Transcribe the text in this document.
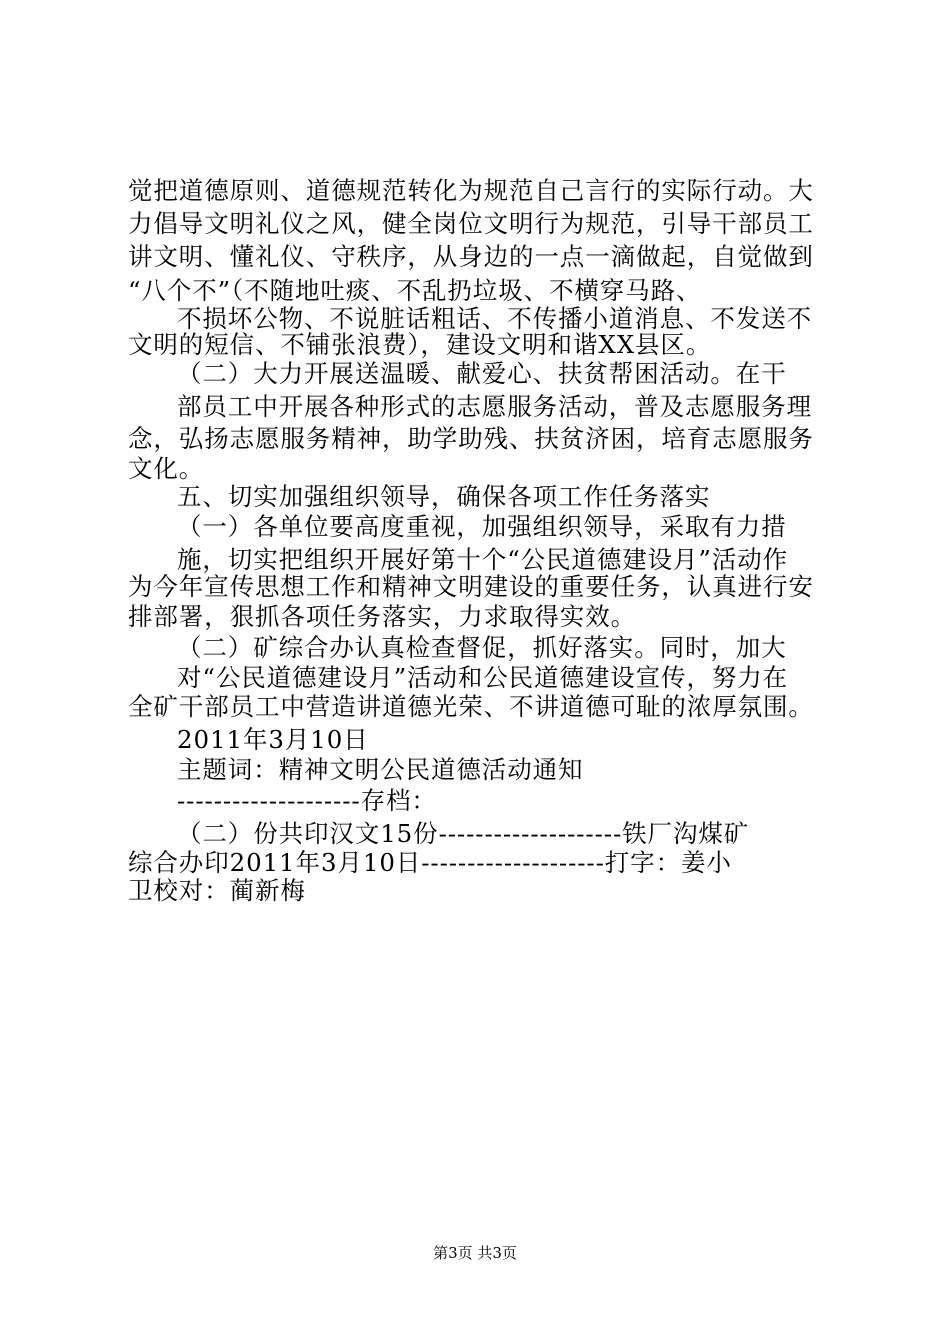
觉把道德原则、道德规范转化为规范自己言行的实际行动。大
力倡导文明礼仪之风，健全岗位文明行为规范，引导干部员工
讲文明、懂礼仪、守秩序，从身边的一点一滴做起，自觉做到
“八个不”（不随地吐痰、不乱扔垃圾、不横穿马路、
不损坏公物、不说脏话粗话、不传播小道消息、不发送不
文明的短信、不铺张浪费），建设文明和谐XX县区。
（二）大力开展送温暖、献爱心、扶贫帮困活动。在干
部员工中开展各种形式的志愿服务活动，普及志愿服务理
念，弘扬志愿服务精神，助学助残、扶贫济困，培育志愿服务
文化。
五、切实加强组织领导，确保各项工作任务落实
（一）各单位要高度重视，加强组织领导，采取有力措
施，切实把组织开展好第十个“公民道德建设月”活动作
为今年宣传思想工作和精神文明建设的重要任务，认真进行安
排部署，狠抓各项任务落实，力求取得实效。
（二）矿综合办认真检查督促，抓好落实。同时，加大
对“公民道德建设月”活动和公民道德建设宣传，努力在
全矿干部员工中营造讲道德光荣、不讲道德可耻的浓厚氛围。
2011年3月10日
主题词：精神文明公民道德活动通知
--------------------存档：
（二）份共印汉文15份--------------------铁厂沟煤矿
综合办印2011年3月10日--------------------打字：姜小
卫校对：蔺新梅
第3页 共3页
